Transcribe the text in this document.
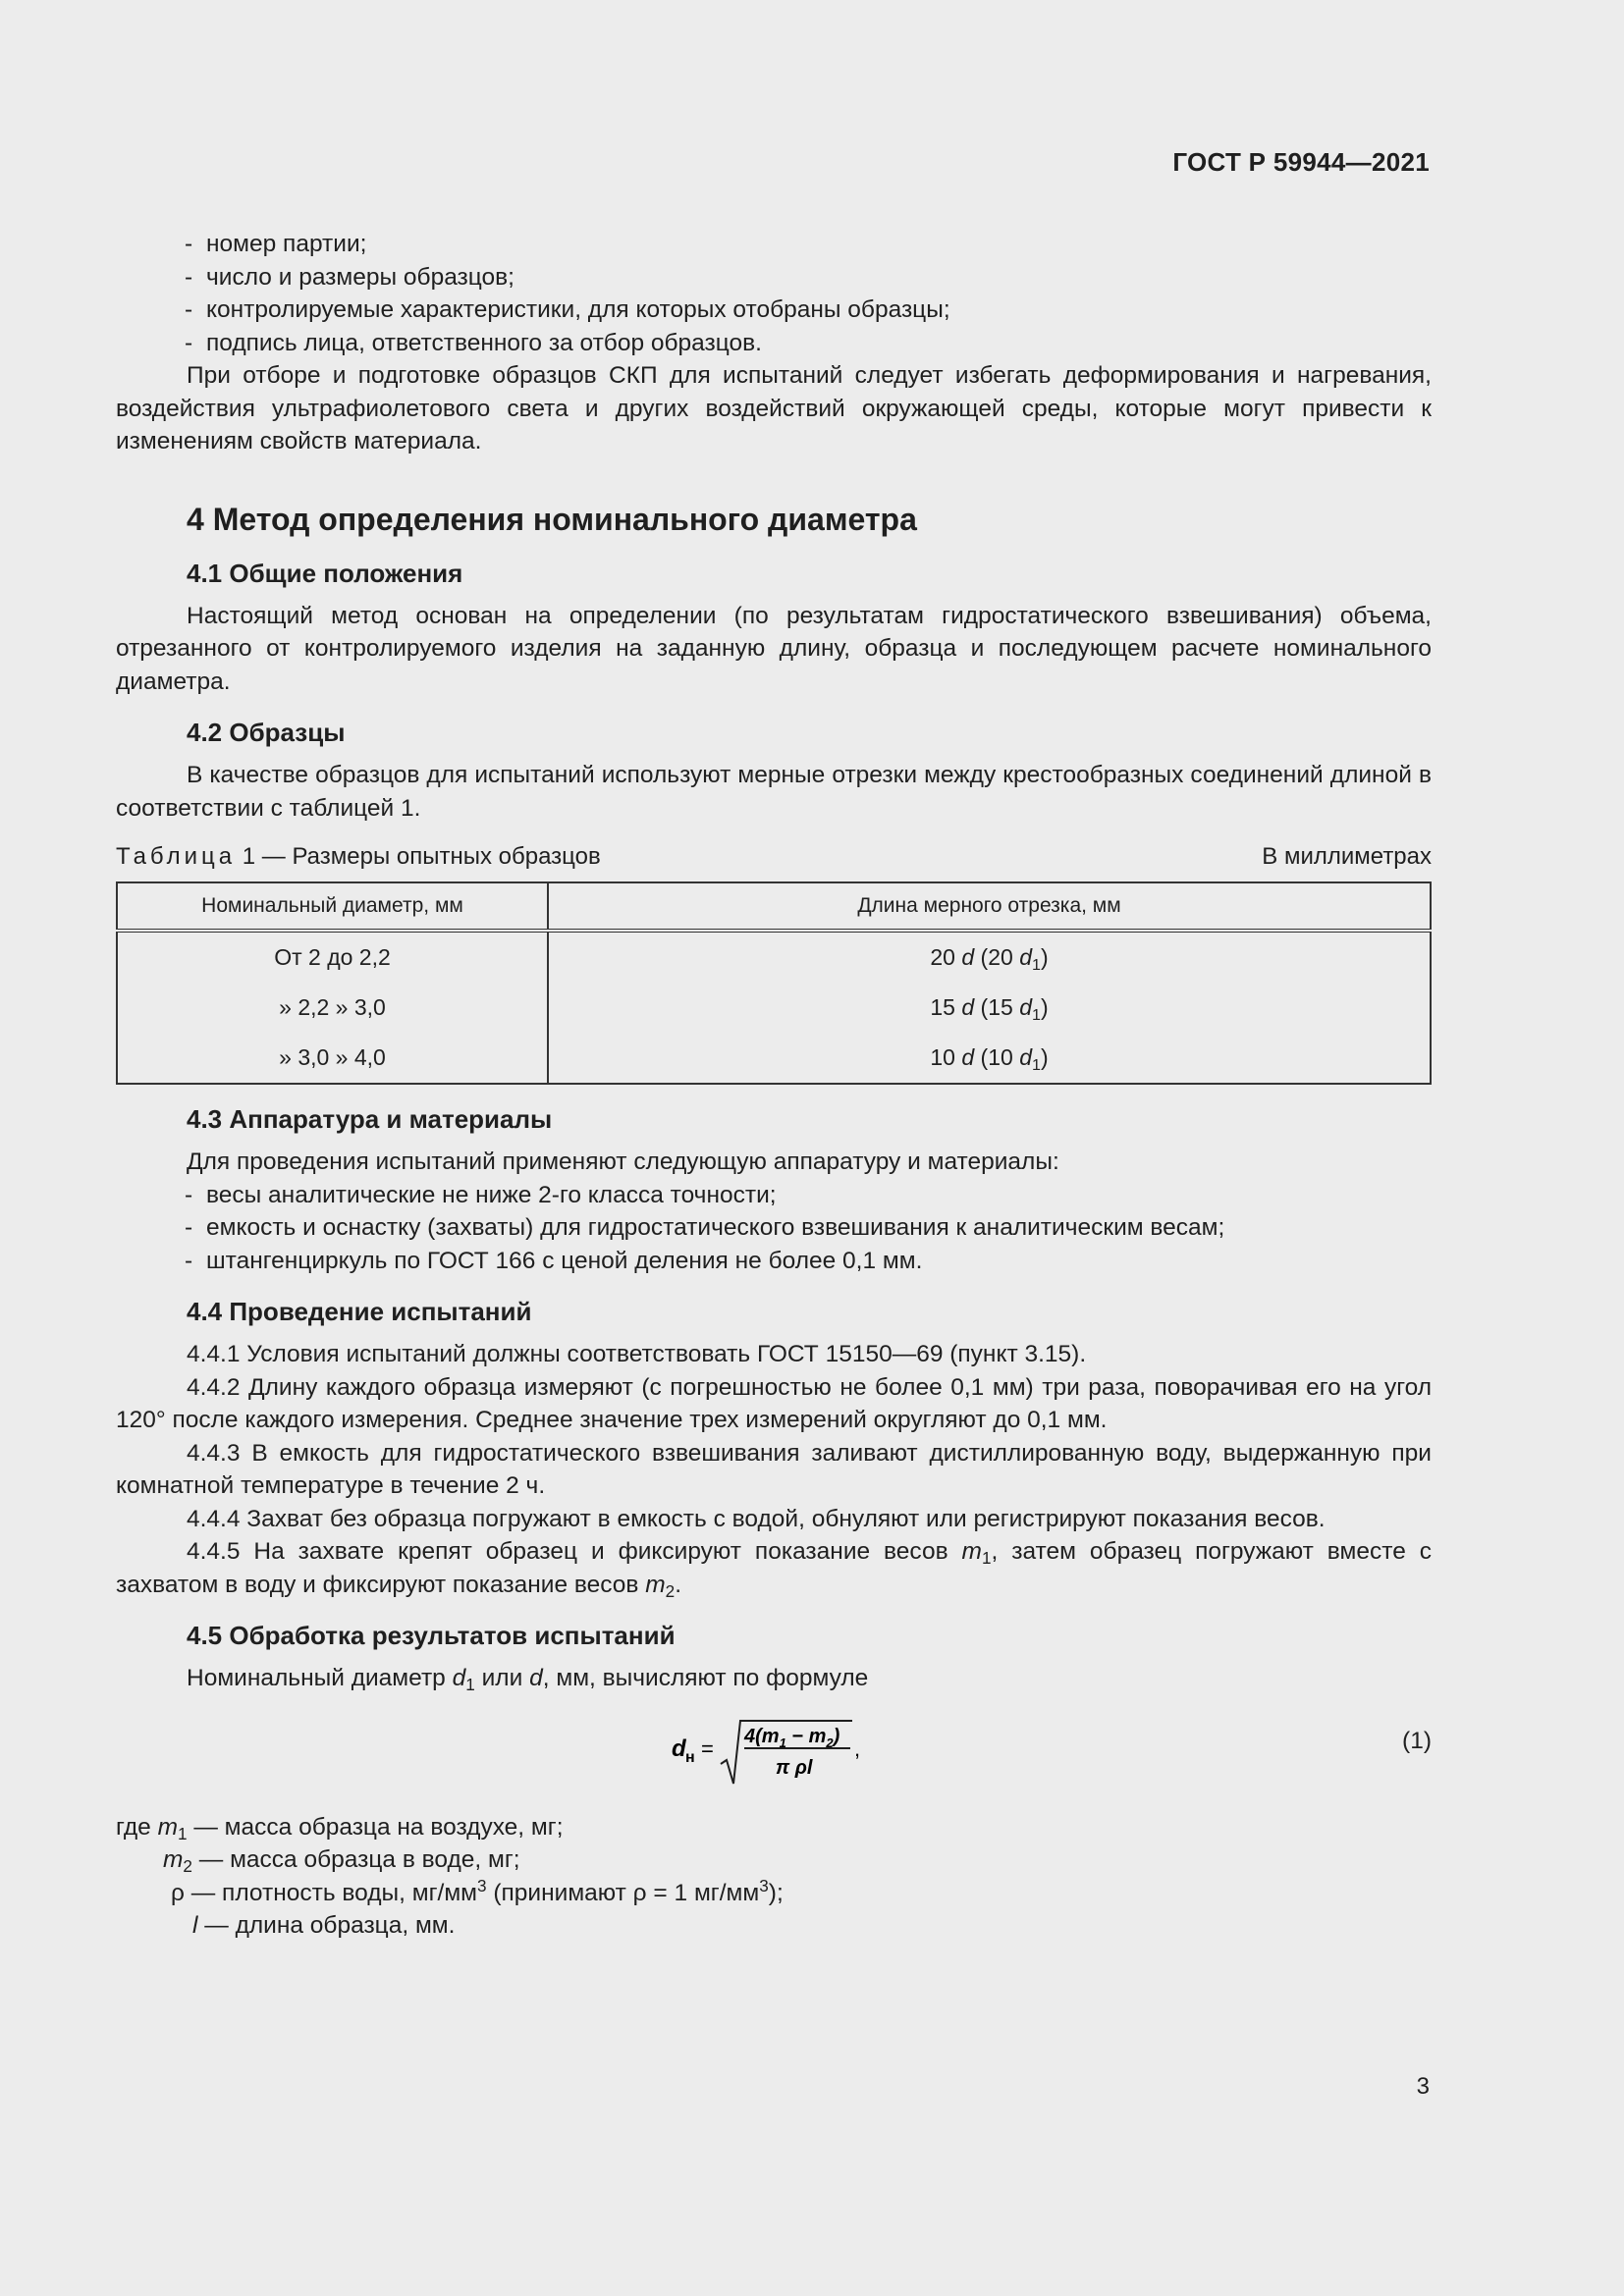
ГОСТ Р 59944—2021

- номер партии;

- число и размеры образцов;

- контролируемые характеристики, для которых отобраны образцы;

- подпись лица, ответственного за отбор образцов.

При отборе и подготовке образцов СКП для испытаний следует избегать деформирования и нагревания, воздействия ультрафиолетового света и других воздействий окружающей среды, которые могут привести к изменениям свойств материала.

4 Метод определения номинального диаметра
4.1 Общие положения

Настоящий метод основан на определении (по результатам гидростатического взвешивания) объема, отрезанного от контролируемого изделия на заданную длину, образца и последующем расчете номинального диаметра.

4.2 Образцы

В качестве образцов для испытаний используют мерные отрезки между крестообразных соединений длиной в соответствии с таблицей 1.

Таблица 1 — Размеры опытных образцов	В миллиметрах
Номинальный диаметр, мм	Длина мерного отрезка, мм
От 2 до 2,2	20 d (20 $d_1$)
» 2,2 » 3,0	15 d (15 $d_1$)
» 3,0 » 4,0	10 d (10 $d_1$)
4.3 Аппаратура и материалы

Для проведения испытаний применяют следующую аппаратуру и материалы:

- весы аналитические не ниже 2-го класса точности;

- емкость и оснастку (захваты) для гидростатического взвешивания к аналитическим весам;

- штангенциркуль по ГОСТ 166 с ценой деления не более 0,1 мм.

4.4 Проведение испытаний

4.4.1 Условия испытаний должны соответствовать ГОСТ 15150—69 (пункт 3.15).

4.4.2 Длину каждого образца измеряют (с погрешностью не более 0,1 мм) три раза, поворачивая его на угол 120° после каждого измерения. Среднее значение трех измерений округляют до 0,1 мм.

4.4.3 В емкость для гидростатического взвешивания заливают дистиллированную воду, выдержанную при комнатной температуре в течение 2 ч.

4.4.4 Захват без образца погружают в емкость с водой, обнуляют или регистрируют показания весов.

4.4.5 На захвате крепят образец и фиксируют показание весов $m_1$, затем образец погружают вместе с захватом в воду и фиксируют показание весов $m_2$.

4.5 Обработка результатов испытаний

Номинальный диаметр $d_1$ или d, мм, вычисляют по формуле

d $н = 4(m_1 - m_2)$
π ρl
,	(1)

где $m_1$ — масса образца на воздухе, мг;

$m_2$ — масса образца в воде, мг;

ρ — плотность воды, $мг/мм^3$ (принимают ρ = 1 $мг/мм^3$);

l — длина образца, мм.

3
